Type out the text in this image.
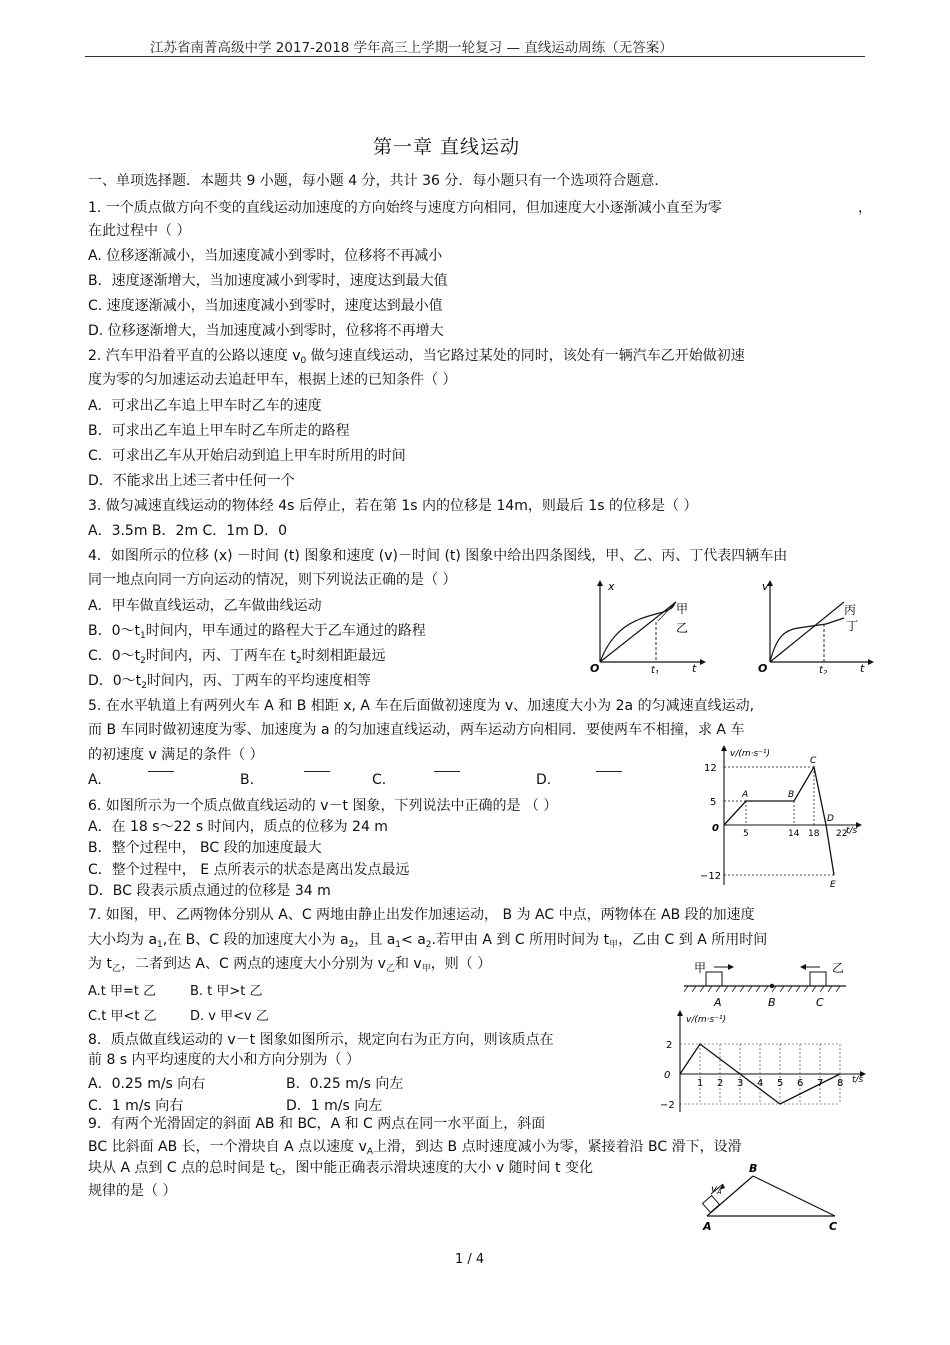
江苏省南菁高级中学 2017-2018 学年高三上学期一轮复习 — 直线运动周练（无答案）
第一章 直线运动
一、单项选择题．本题共 9 小题，每小题 4 分，共计 36 分．每小题只有一个选项符合题意．
1. 一个质点做方向不变的直线运动加速度的方向始终与速度方向相同，但加速度大小逐渐减小直至为零	，
在此过程中（ ）
A. 位移逐渐减小，当加速度减小到零时，位移将不再减小
B．速度逐渐增大，当加速度减小到零时，速度达到最大值
C. 速度逐渐减小，当加速度减小到零时，速度达到最小值
D. 位移逐渐增大，当加速度减小到零时，位移将不再增大
2. 汽车甲沿着平直的公路以速度 $v_0$ 做匀速直线运动，当它路过某处的同时，该处有一辆汽车乙开始做初速
度为零的匀加速运动去追赶甲车，根据上述的已知条件（ ）
A．可求出乙车追上甲车时乙车的速度
B．可求出乙车追上甲车时乙车所走的路程
C．可求出乙车从开始启动到追上甲车时所用的时间
D．不能求出上述三者中任何一个
3. 做匀减速直线运动的物体经 4s 后停止，若在第 1s 内的位移是 14m，则最后 1s 的位移是（ ）
A．3.5m B．2m C．1m D．0
4．如图所示的位移 (x) －时间 (t) 图象和速度 (v)－时间 (t) 图象中给出四条图线，甲、乙、丙、丁代表四辆车由
同一地点向同一方向运动的情况，则下列说法正确的是（ ）
A．甲车做直线运动，乙车做曲线运动
B．$0\sim t_1$时间内，甲车通过的路程大于乙车通过的路程
C．$0\sim t_2$时间内，丙、丁两车在 $t_2$时刻相距最远
D．$0\sim t_2$时间内，丙、丁两车的平均速度相等
x
t
O
甲
乙
$t_1$
v
t
O
丙
丁
$t_2$
5. 在水平轨道上有两列火车 A 和 B 相距 x, A 车在后面做初速度为 v、加速度大小为 2a 的匀减速直线运动,
而 B 车同时做初速度为零、加速度为 a 的匀加速直线运动，两车运动方向相同．要使两车不相撞，求 A 车
的初速度 v 满足的条件（ ）
A.	B.	C.	D.
6. 如图所示为一个质点做直线运动的 v－t 图象，下列说法中正确的是 （ ）
A．在 18 s～22 s 时间内，质点的位移为 24 m
B．整个过程中， BC 段的加速度最大
C．整个过程中， E 点所表示的状态是离出发点最远
D．BC 段表示质点通过的位移是 34 m
v/(m·s⁻¹)
t/s
0
12
5
−12
5	14 18 22
A	B
C
D
E
7. 如图，甲、乙两物体分别从 A、C 两地由静止出发作加速运动， B 为 AC 中点，两物体在 AB 段的加速度
大小均为 $a_1$,在 B、C 段的加速度大小为 $a_2$，且 $a_1< a_2$.若甲由 A 到 C 所用时间为 $t_甲$，乙由 C 到 A 所用时间
为 $t_乙$，二者到达 A、C 两点的速度大小分别为 $v_乙$和 $v_甲$，则（ ）
A.t 甲=t 乙	B. t 甲>t 乙
C.t 甲<t 乙	D. v 甲<v 乙
甲	乙
A	B	C
8．质点做直线运动的 v－t 图象如图所示，规定向右为正方向，则该质点在
前 8 s 内平均速度的大小和方向分别为（ ）
A．0.25 m/s 向右	B．0.25 m/s 向左
C．1 m/s 向右	D．1 m/s 向左
v/(m·s⁻¹)
t/s
0
2
−2
1 2 3 4 5 6 7 8
9．有两个光滑固定的斜面 AB 和 BC，A 和 C 两点在同一水平面上，斜面
BC 比斜面 AB 长，一个滑块自 A 点以速度 $v_A$上滑，到达 B 点时速度减小为零，紧接着沿 BC 滑下，设滑
块从 A 点到 C 点的总时间是 $t_C$，图中能正确表示滑块速度的大小 v 随时间 t 变化
规律的是（ ）	$v_A$
A
B
C
1 / 4
